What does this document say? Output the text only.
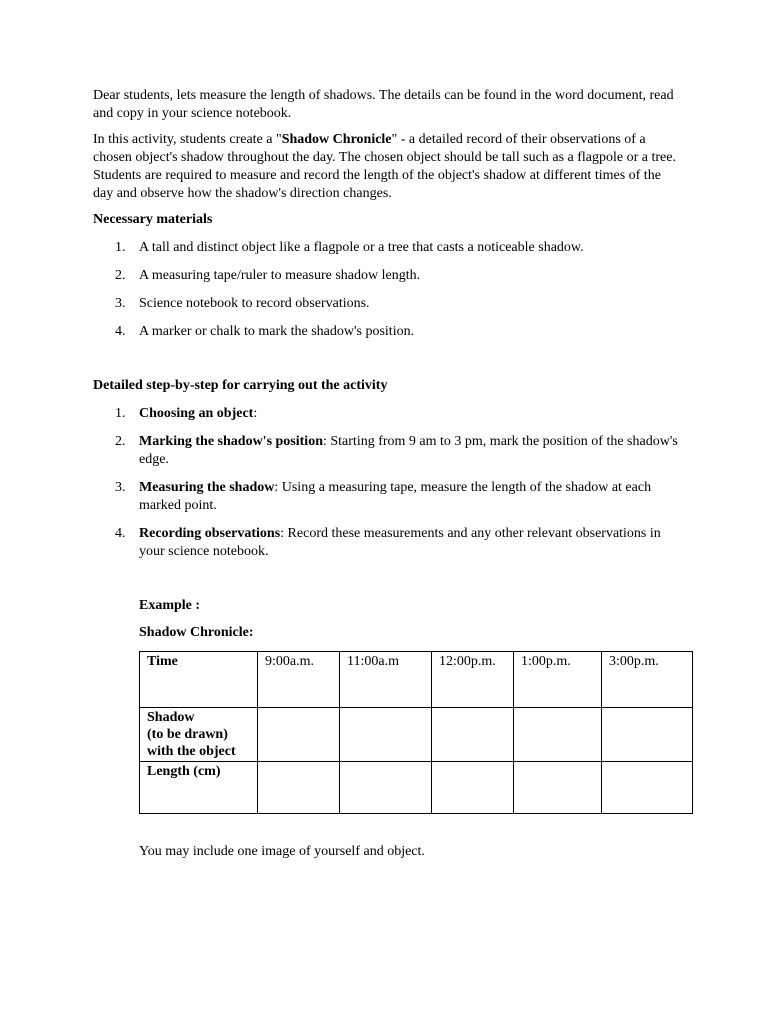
Dear students, lets measure the length of shadows. The details can be found in the word document, read and copy in your science notebook.

In this activity, students create a "Shadow Chronicle" - a detailed record of their observations of a chosen object's shadow throughout the day. The chosen object should be tall such as a flagpole or a tree. Students are required to measure and record the length of the object's shadow at different times of the day and observe how the shadow's direction changes.

Necessary materials

1. A tall and distinct object like a flagpole or a tree that casts a noticeable shadow.
2. A measuring tape/ruler to measure shadow length.
3. Science notebook to record observations.
4. A marker or chalk to mark the shadow's position.

Detailed step-by-step for carrying out the activity

1. Choosing an object:
2. Marking the shadow's position: Starting from 9 am to 3 pm, mark the position of the shadow's edge.
3. Measuring the shadow: Using a measuring tape, measure the length of the shadow at each marked point.
4. Recording observations: Record these measurements and any other relevant observations in your science notebook.

Example :

Shadow Chronicle:

Time	9:00a.m.	11:00a.m	12:00p.m.	1:00p.m.	3:00p.m.

Shadow
(to be drawn)
with the object					

Length (cm)					

You may include one image of yourself and object.
